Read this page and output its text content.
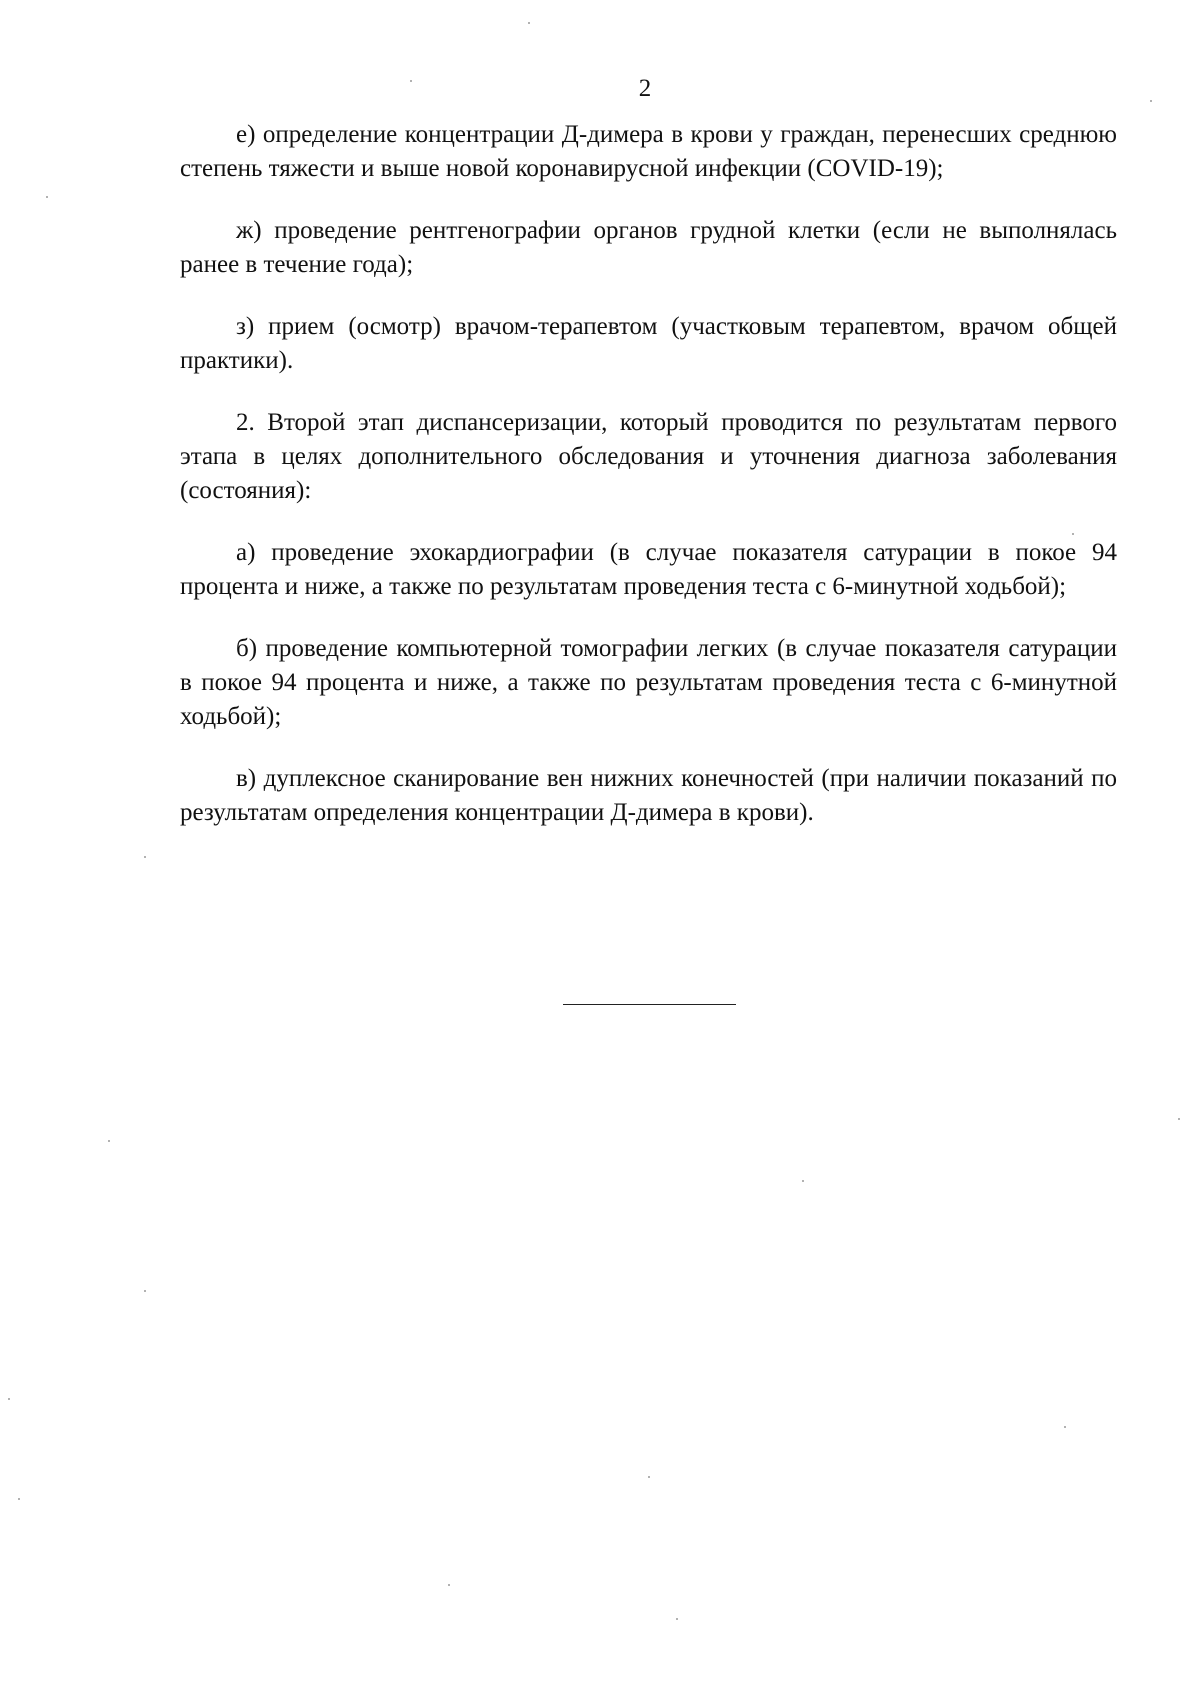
2

е) определение концентрации Д-димера в крови у граждан, перенесших среднюю степень тяжести и выше новой коронавирусной инфекции (COVID-19);

ж) проведение рентгенографии органов грудной клетки (если не выполнялась ранее в течение года);

з) прием (осмотр) врачом-терапевтом (участковым терапевтом, врачом общей практики).

2. Второй этап диспансеризации, который проводится по результатам первого этапа в целях дополнительного обследования и уточнения диагноза заболевания (состояния):

а) проведение эхокардиографии (в случае показателя сатурации в покое 94 процента и ниже, а также по результатам проведения теста с 6-минутной ходьбой);

б) проведение компьютерной томографии легких (в случае показателя сатурации в покое 94 процента и ниже, а также по результатам проведения теста с 6-минутной ходьбой);

в) дуплексное сканирование вен нижних конечностей (при наличии показаний по результатам определения концентрации Д-димера в крови).
